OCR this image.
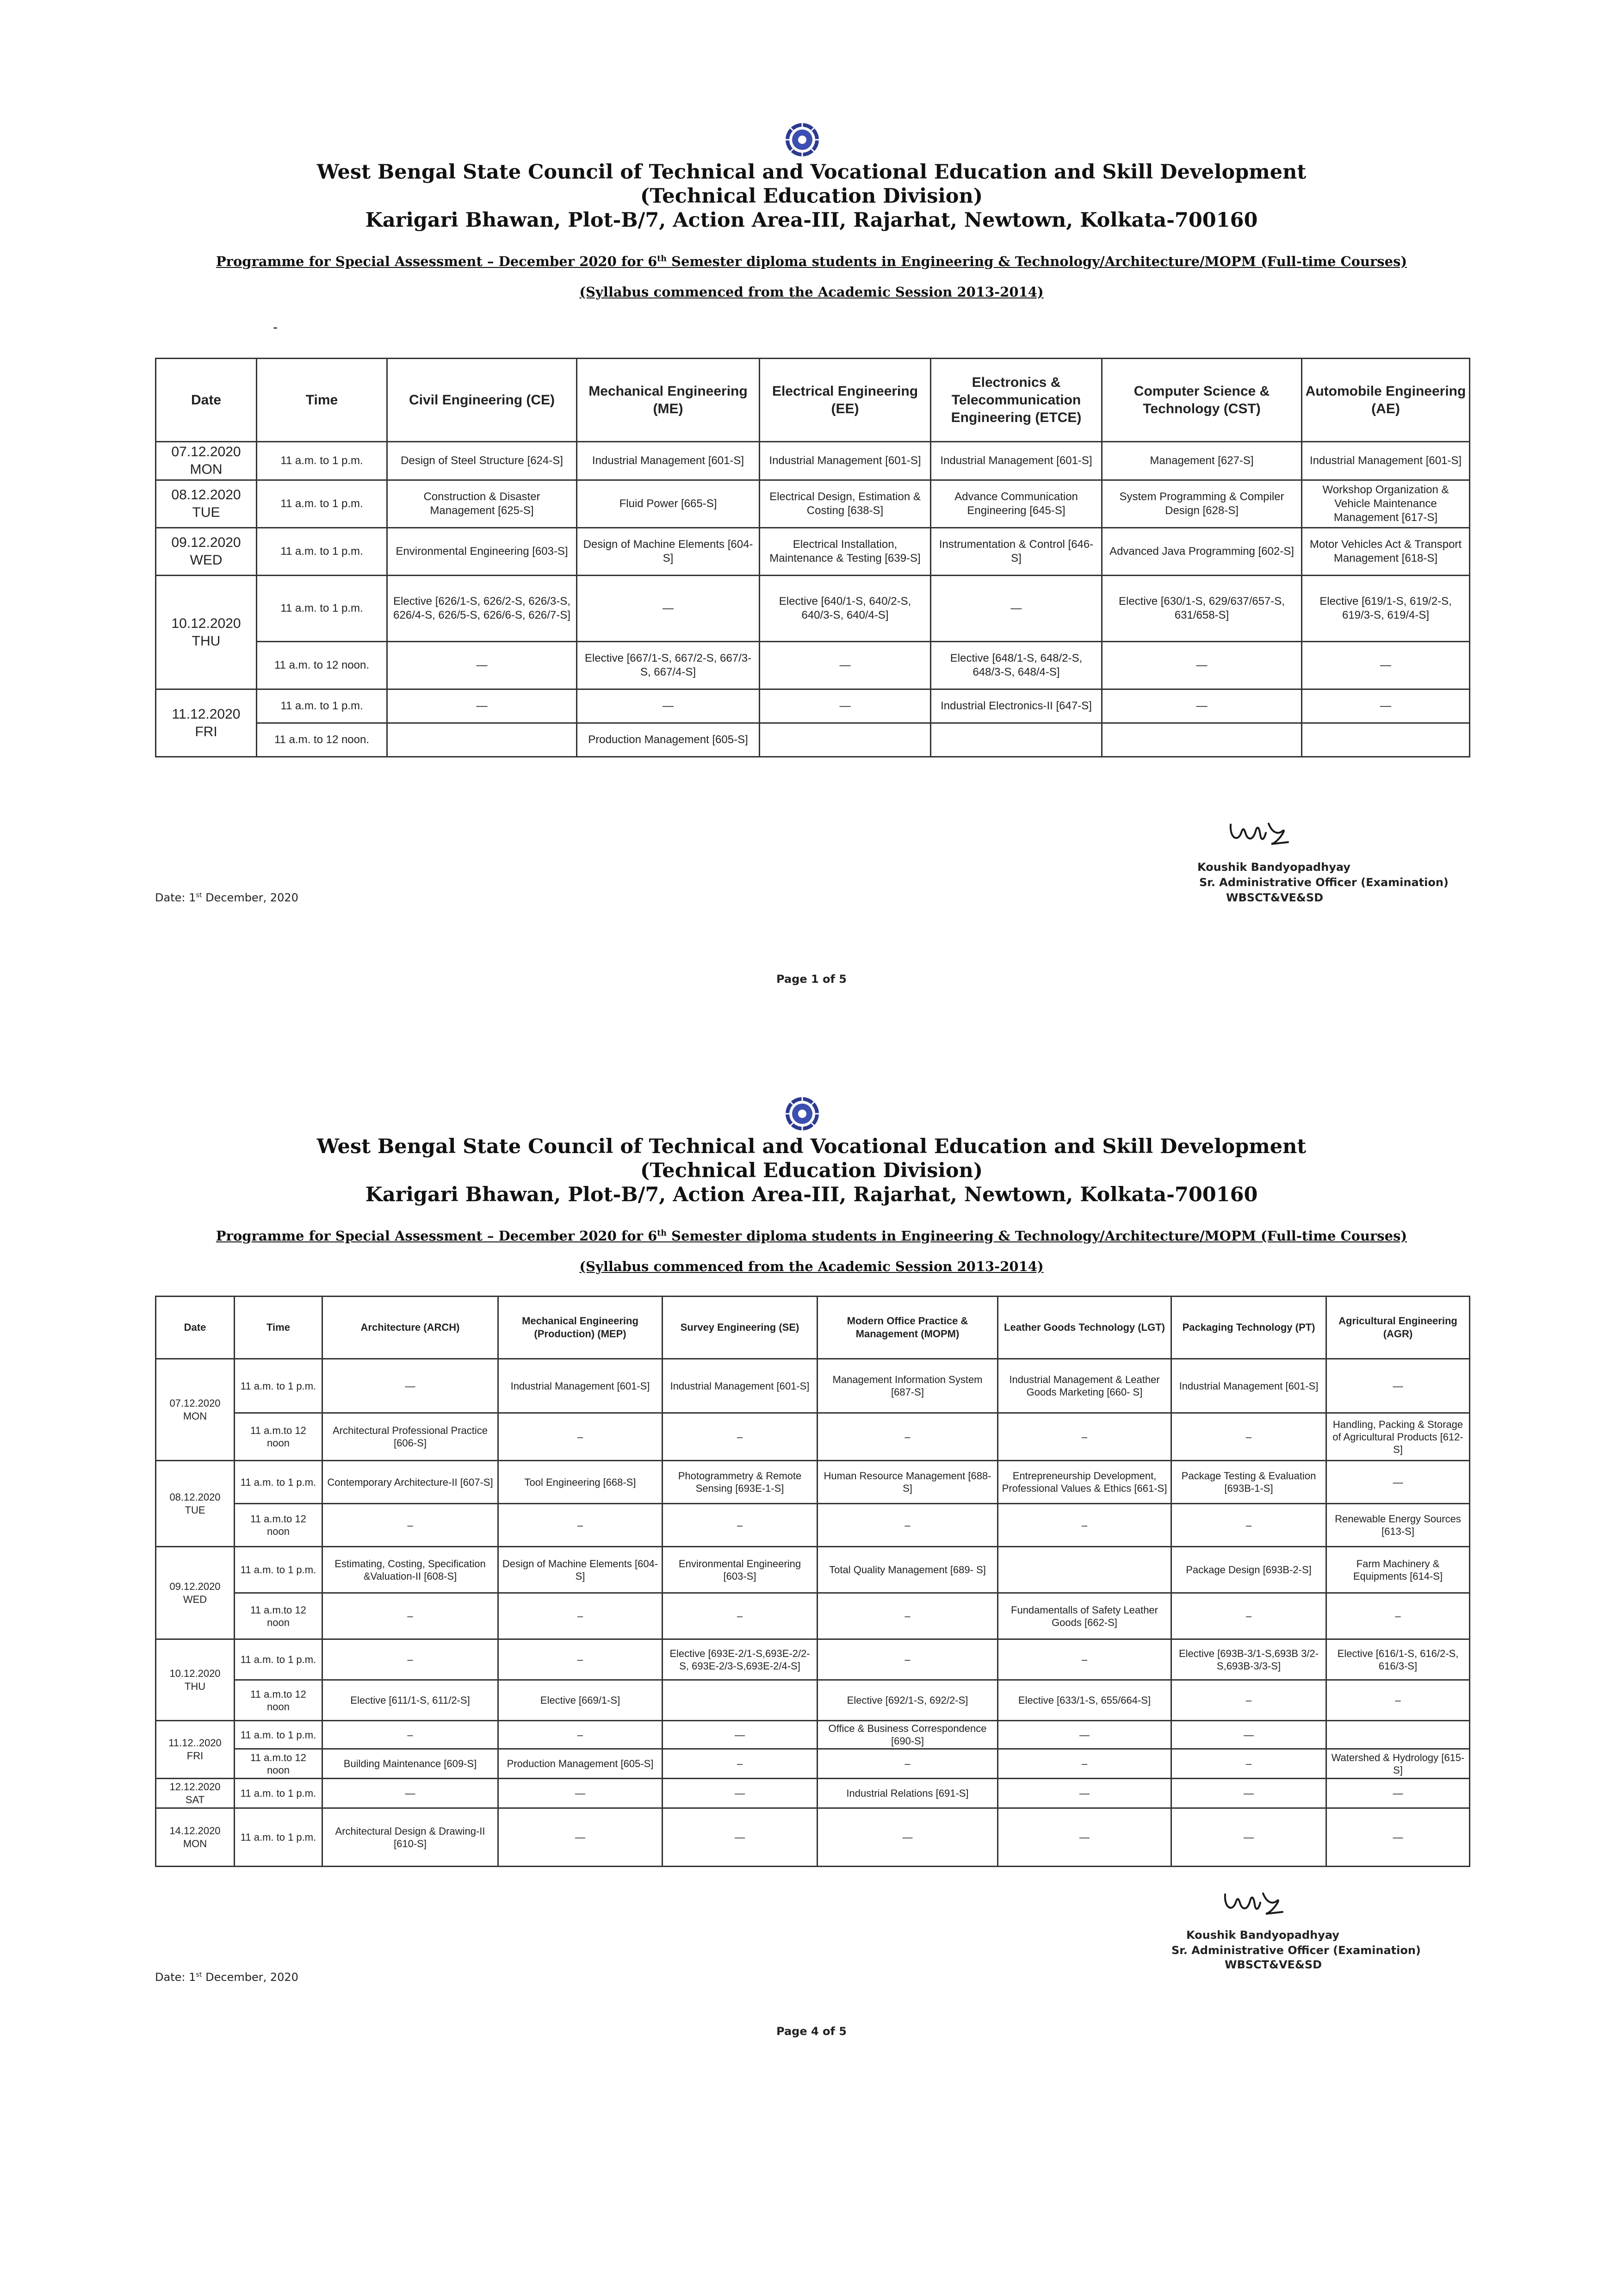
West Bengal State Council of Technical and Vocational Education and Skill Development
(Technical Education Division)
Karigari Bhawan, Plot-B/7, Action Area-III, Rajarhat, Newtown, Kolkata-700160
Programme for Special Assessment – December 2020 for 6th Semester diploma students in Engineering & Technology/Architecture/MOPM (Full-time Courses)
(Syllabus commenced from the Academic Session 2013-2014)
-
Date	Time	Civil Engineering (CE)	Mechanical Engineering (ME)	Electrical Engineering (EE)	Electronics & Telecommunication Engineering (ETCE)	Computer Science & Technology (CST)	Automobile Engineering (AE)
07.12.2020 MON	11 a.m. to 1 p.m.	Design of Steel Structure [624-S]	Industrial Management [601-S]	Industrial Management [601-S]	Industrial Management [601-S]	Management [627-S]	Industrial Management [601-S]
08.12.2020 TUE	11 a.m. to 1 p.m.	Construction & Disaster Management [625-S]	Fluid Power [665-S]	Electrical Design, Estimation & Costing [638-S]	Advance Communication Engineering [645-S]	System Programming & Compiler Design [628-S]	Workshop Organization & Vehicle Maintenance Management [617-S]
09.12.2020 WED	11 a.m. to 1 p.m.	Environmental Engineering [603-S]	Design of Machine Elements [604-S]	Electrical Installation, Maintenance & Testing [639-S]	Instrumentation & Control [646-S]	Advanced Java Programming [602-S]	Motor Vehicles Act & Transport Management [618-S]
10.12.2020 THU	11 a.m. to 1 p.m.	Elective [626/1-S, 626/2-S, 626/3-S, 626/4-S, 626/5-S, 626/6-S, 626/7-S]	—	Elective [640/1-S, 640/2-S, 640/3-S, 640/4-S]	—	Elective [630/1-S, 629/637/657-S, 631/658-S]	Elective [619/1-S, 619/2-S, 619/3-S, 619/4-S]
	11 a.m. to 12 noon.	—	Elective [667/1-S, 667/2-S, 667/3-S, 667/4-S]	—	Elective [648/1-S, 648/2-S, 648/3-S, 648/4-S]	—	—
11.12.2020 FRI	11 a.m. to 1 p.m.	—	—	—	Industrial Electronics-II [647-S]	—	—
	11 a.m. to 12 noon.		Production Management [605-S]				
Koushik Bandyopadhyay
Sr. Administrative Officer (Examination)
WBSCT&VE&SD
Date: 1st December, 2020
Page 1 of 5
West Bengal State Council of Technical and Vocational Education and Skill Development
(Technical Education Division)
Karigari Bhawan, Plot-B/7, Action Area-III, Rajarhat, Newtown, Kolkata-700160
Programme for Special Assessment – December 2020 for 6th Semester diploma students in Engineering & Technology/Architecture/MOPM (Full-time Courses)
(Syllabus commenced from the Academic Session 2013-2014)
Koushik Bandyopadhyay
Sr. Administrative Officer (Examination)
WBSCT&VE&SD
Date: 1st December, 2020
Page 4 of 5
Date	Time	Architecture (ARCH)	Mechanical Engineering (Production) (MEP)	Survey Engineering (SE)	Modern Office Practice & Management (MOPM)	Leather Goods Technology (LGT)	Packaging Technology (PT)	Agricultural Engineering (AGR)
07.12.2020 MON	11 a.m. to 1 p.m.	—	Industrial Management [601-S]	Industrial Management [601-S]	Management Information System [687-S]	Industrial Management & Leather Goods Marketing [660- S]	Industrial Management [601-S]	—
	11 a.m.to 12 noon	Architectural Professional Practice [606-S]	–	–	–	–	–	Handling, Packing & Storage of Agricultural Products [612- S]
08.12.2020 TUE	11 a.m. to 1 p.m.	Contemporary Architecture-II [607-S]	Tool Engineering [668-S]	Photogrammetry & Remote Sensing [693E-1-S]	Human Resource Management [688-S]	Entrepreneurship Development, Professional Values & Ethics [661-S]	Package Testing & Evaluation [693B-1-S]	—
	11 a.m.to 12 noon	–	–	–	–	–	–	Renewable Energy Sources [613-S]
09.12.2020 WED	11 a.m. to 1 p.m.	Estimating, Costing, Specification &Valuation-II [608-S]	Design of Machine Elements [604-S]	Environmental Engineering [603-S]	Total Quality Management [689- S]		Package Design [693B-2-S]	Farm Machinery & Equipments [614-S]
	11 a.m.to 12 noon	–	–	–	–	Fundamentalls of Safety Leather Goods [662-S]	–	–
10.12.2020 THU	11 a.m. to 1 p.m.	–	–	Elective [693E-2/1-S,693E-2/2-S, 693E-2/3-S,693E-2/4-S]	–	–	Elective [693B-3/1-S,693B 3/2-S,693B-3/3-S]	Elective [616/1-S, 616/2-S, 616/3-S]
	11 a.m.to 12 noon	Elective [611/1-S, 611/2-S]	Elective [669/1-S]		Elective [692/1-S, 692/2-S]	Elective [633/1-S, 655/664-S]	–	–
11.12..2020 FRI	11 a.m. to 1 p.m.	–	–	—	Office & Business Correspondence [690-S]	—	—	
	11 a.m.to 12 noon	Building Maintenance [609-S]	Production Management [605-S]	–	–	–	–	Watershed & Hydrology [615-S]
12.12.2020 SAT	11 a.m. to 1 p.m.	—	—	—	Industrial Relations [691-S]	—	—	—
14.12.2020 MON	11 a.m. to 1 p.m.	Architectural Design & Drawing-II [610-S]	—	—	—	—	—	—
